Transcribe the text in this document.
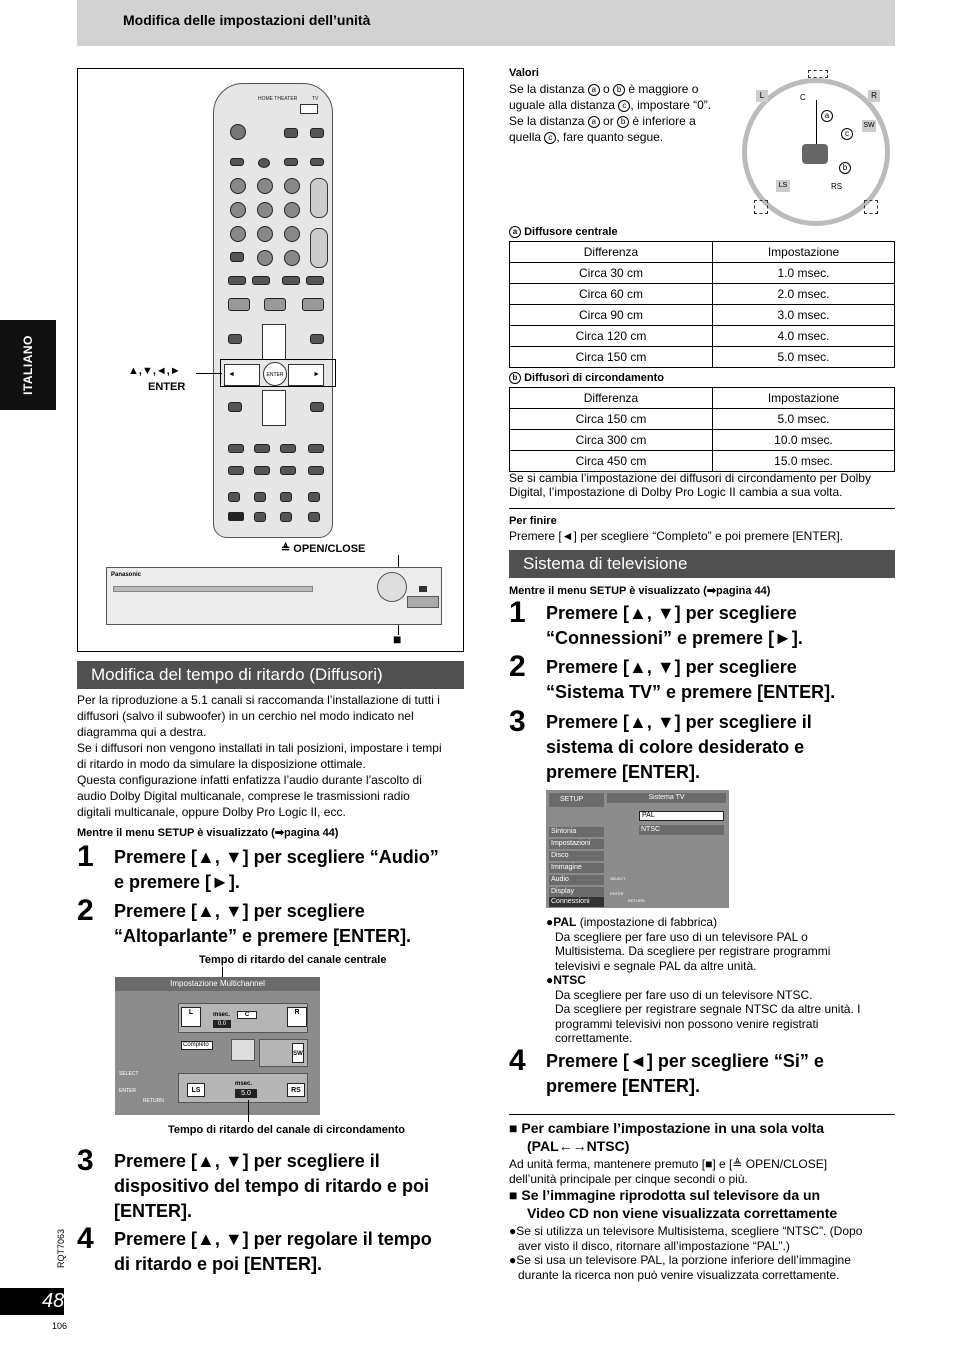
Modifica delle impostazioni dell’unità
ITALIANO
HOME THEATER	TV
◄	►
ENTER
▲,▼,◄,►
ENTER
≜ OPEN/CLOSE
Panasonic
■
Modifica del tempo di ritardo (Diffusori)
Per la riproduzione a 5.1 canali si raccomanda l’installazione di tutti i
diffusori (salvo il subwoofer) in un cerchio nel modo indicato nel
diagramma qui a destra.
Se i diffusori non vengono installati in tali posizioni, impostare i tempi
di ritardo in modo da simulare la disposizione ottimale.
Questa configurazione infatti enfatizza l’audio durante l’ascolto di
audio Dolby Digital multicanale, comprese le trasmissioni radio
digitali multicanale, oppure Dolby Pro Logic II, ecc.
Mentre il menu SETUP è visualizzato (➡pagina 44)
1 Premere [▲, ▼] per scegliere “Audio”
e premere [►].
2 Premere [▲, ▼] per scegliere
“Altoparlante” e premere [ENTER].
Tempo di ritardo del canale centrale
Impostazione Multichannel
L	C	R
msec.
0.0
Completo
SW
LS	RS
msec.
5.0
SELECT
ENTER
RETURN
Tempo di ritardo del canale di circondamento
3 Premere [▲, ▼] per scegliere il
dispositivo del tempo di ritardo e poi
[ENTER].
4 Premere [▲, ▼] per regolare il tempo
di ritardo e poi [ENTER].
RQT7063
48
106
Valori
Se la distanza a o b è maggiore o
uguale alla distanza c , impostare “0”.
Se la distanza a or b è inferiore a
quella c , fare quanto segue.
L	R
C
SW
a
c
b
LS	RS
a Diffusore centrale
Differenza	Impostazione
Circa 30 cm	1.0 msec.
Circa 60 cm	2.0 msec.
Circa 90 cm	3.0 msec.
Circa 120 cm	4.0 msec.
Circa 150 cm	5.0 msec.
b Diffusori di circondamento
Differenza	Impostazione
Circa 150 cm	5.0 msec.
Circa 300 cm	10.0 msec.
Circa 450 cm	15.0 msec.
Se si cambia l’impostazione dei diffusori di circondamento per Dolby
Digital, l’impostazione di Dolby Pro Logic II cambia a sua volta.
Per finire
Premere [◄] per scegliere “Completo” e poi premere [ENTER].
Sistema di televisione
Mentre il menu SETUP è visualizzato (➡pagina 44)
1 Premere [▲, ▼] per scegliere
“Connessioni” e premere [►].
2 Premere [▲, ▼] per scegliere
“Sistema TV” e premere [ENTER].
3 Premere [▲, ▼] per scegliere il
sistema di colore desiderato e
premere [ENTER].
SETUP
Sintonia
Impostazioni
Disco
Immagine
Audio
Display
Connessioni
Sistema TV
PAL
NTSC
SELECT
ENTER
RETURN
●PAL (impostazione di fabbrica)
Da scegliere per fare uso di un televisore PAL o
Multisistema. Da scegliere per registrare programmi
televisivi e segnale PAL da altre unità.
●NTSC
Da scegliere per fare uso di un televisore NTSC.
Da scegliere per registrare segnale NTSC da altre unità. I
programmi televisivi non possono venire registrati
correttamente.
4 Premere [◄] per scegliere “Si” e
premere [ENTER].
■ Per cambiare l’impostazione in una sola volta
(PAL←→NTSC)
Ad unità ferma, mantenere premuto [■] e [≜ OPEN/CLOSE]
dell’unità principale per cinque secondi o più.
■ Se l’immagine riprodotta sul televisore da un
Video CD non viene visualizzata correttamente
●Se si utilizza un televisore Multisistema, scegliere “NTSC”. (Dopo
aver visto il disco, ritornare all’impostazione “PAL”.)
●Se si usa un televisore PAL, la porzione inferiore dell’immagine
durante la ricerca non può venire visualizzata correttamente.
